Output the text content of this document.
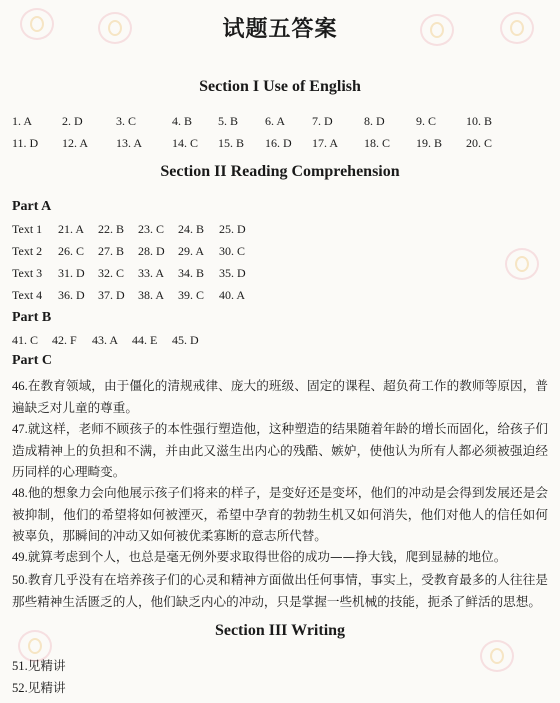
试题五答案
Section I Use of English
1. A 2. D	3. C	4. B 5. B 6. A 7. D	8. D	9. C 10. B
11. D 12. A 13. A 14. C 15. B 16. D 17. A 18. C 19. B 20. C
Section II Reading Comprehension
Part A
Text 1 21. A 22. B 23. C 24. B 25. D
Text 2 26. C 27. B 28. D 29. A 30. C
Text 3 31. D 32. C 33. A 34. B 35. D
Text 4 36. D 37. D 38. A 39. C 40. A
Part B
41. C 42. F 43. A 44. E 45. D
Part C
46.在教育领域，由于僵化的清规戒律、庞大的班级、固定的课程、超负荷工作的教师等原因，普遍缺乏对儿童的尊重。
47.就这样，老师不顾孩子的本性强行塑造他，这种塑造的结果随着年龄的增长而固化，给孩子们造成精神上的负担和不满，并由此又滋生出内心的残酷、嫉妒，使他认为所有人都必须被强迫经历同样的心理畸变。
48.他的想象力会向他展示孩子们将来的样子，是变好还是变坏，他们的冲动是会得到发展还是会被抑制，他们的希望将如何被湮灭，希望中孕育的勃勃生机又如何消失，他们对他人的信任如何被辜负，那瞬间的冲动又如何被优柔寡断的意志所代替。
49.就算考虑到个人，也总是毫无例外要求取得世俗的成功——挣大钱，爬到显赫的地位。
50.教育几乎没有在培养孩子们的心灵和精神方面做出任何事情，事实上，受教育最多的人往往是那些精神生活匮乏的人，他们缺乏内心的冲动，只是掌握一些机械的技能，扼杀了鲜活的思想。
Section III Writing
51.见精讲
52.见精讲
